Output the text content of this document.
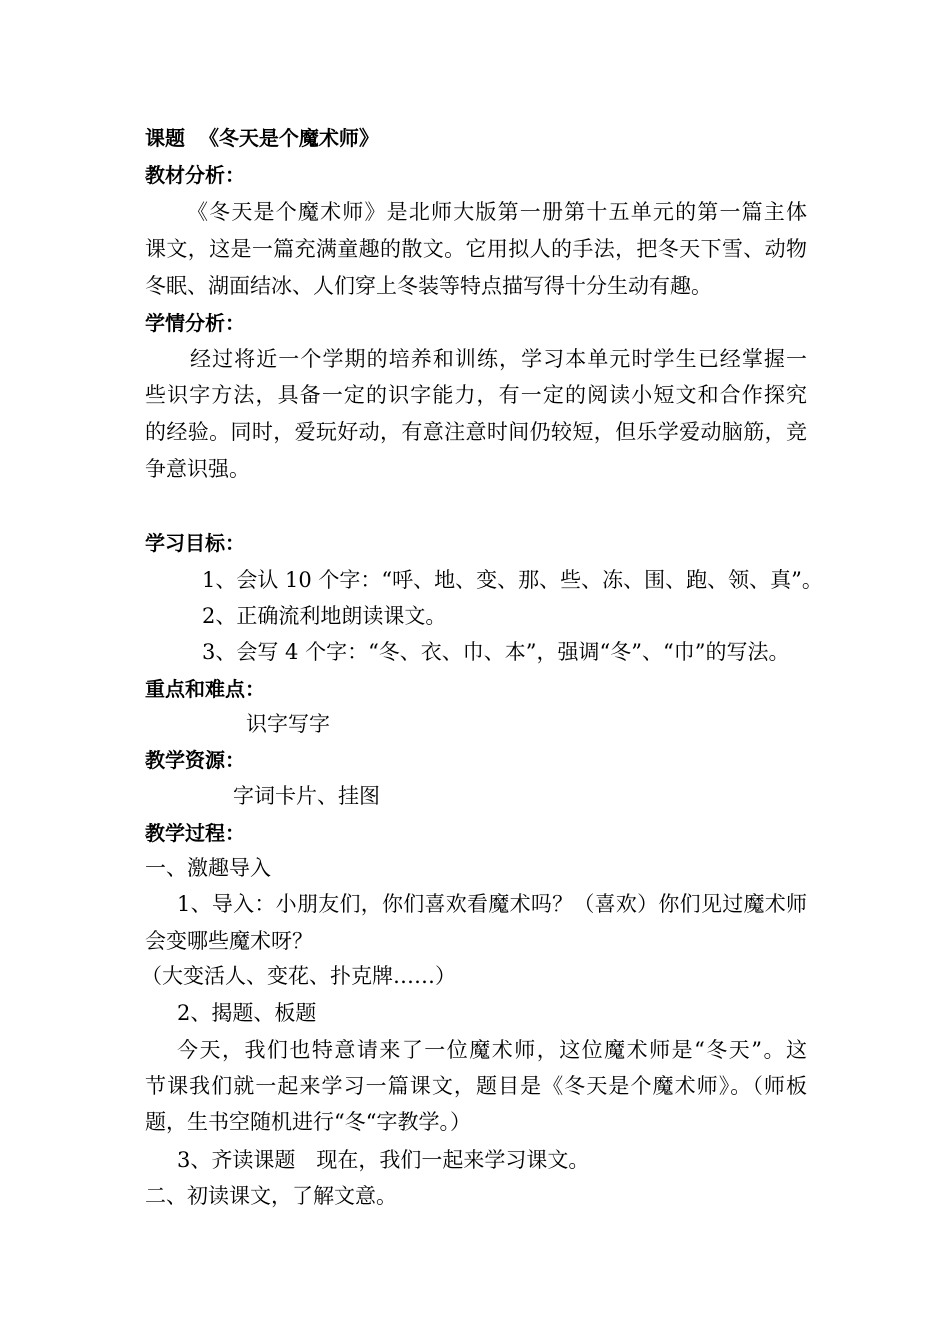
课题 《冬天是个魔术师》
教材分析：
《冬天是个魔术师》是北师大版第一册第十五单元的第一篇主体
课文，这是一篇充满童趣的散文。它用拟人的手法，把冬天下雪、动物
冬眠、湖面结冰、人们穿上冬装等特点描写得十分生动有趣。
学情分析：
经过将近一个学期的培养和训练，学习本单元时学生已经掌握一
些识字方法，具备一定的识字能力，有一定的阅读小短文和合作探究
的经验。同时，爱玩好动，有意注意时间仍较短，但乐学爱动脑筋，竞
争意识强。
学习目标：
1、会认 10 个字：“呼、地、变、那、些、冻、围、跑、领、真”。
2、正确流利地朗读课文。
3、会写 4 个字：“冬、衣、巾、本”，强调“冬”、“巾”的写法。
重点和难点：
识字写字
教学资源：
字词卡片、挂图
教学过程：
一、激趣导入
1、导入：小朋友们，你们喜欢看魔术吗？（喜欢）你们见过魔术师
会变哪些魔术呀？
（大变活人、变花、扑克牌……）
2、揭题、板题
今天，我们也特意请来了一位魔术师，这位魔术师是“冬天”。这
节课我们就一起来学习一篇课文，题目是《冬天是个魔术师》。（师板
题，生书空随机进行“冬“字教学。）
3、齐读课题　现在，我们一起来学习课文。
二、初读课文，了解文意。
